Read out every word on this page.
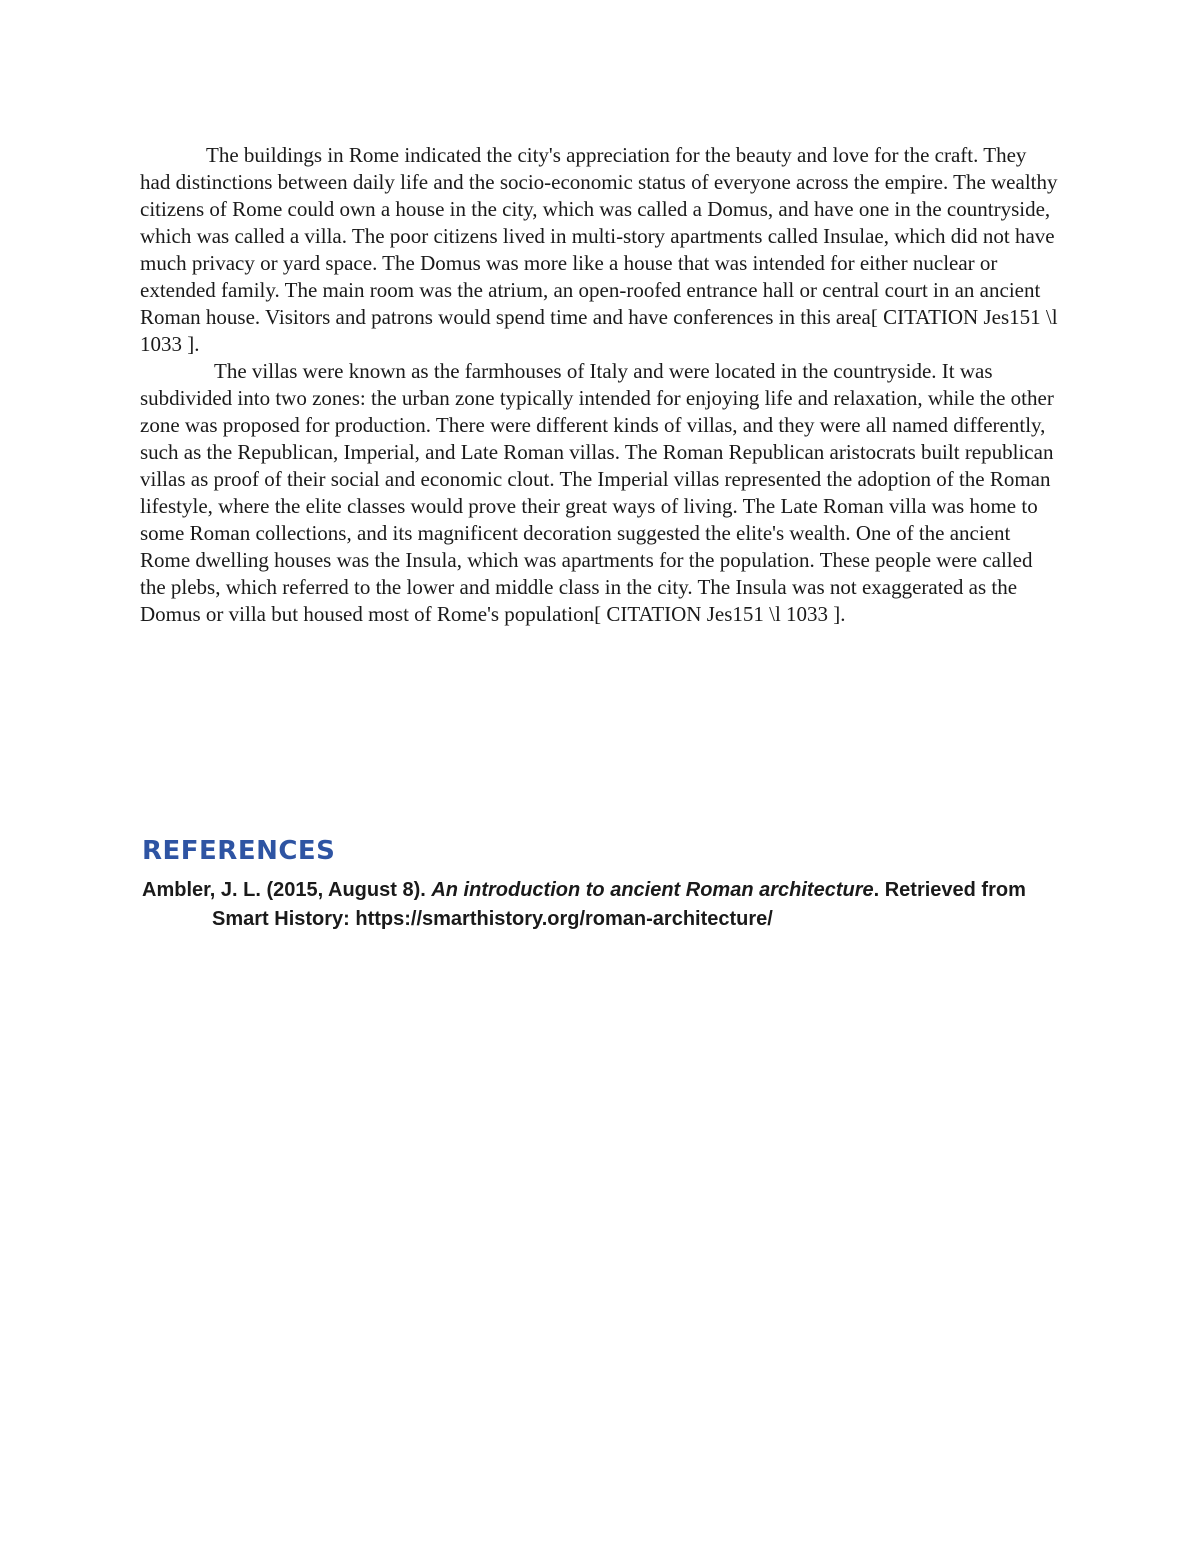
The buildings in Rome indicated the city's appreciation for the beauty and love for the craft. They had distinctions between daily life and the socio-economic status of everyone across the empire. The wealthy citizens of Rome could own a house in the city, which was called a Domus, and have one in the countryside, which was called a villa. The poor citizens lived in multi-story apartments called Insulae, which did not have much privacy or yard space. The Domus was more like a house that was intended for either nuclear or extended family. The main room was the atrium, an open-roofed entrance hall or central court in an ancient Roman house. Visitors and patrons would spend time and have conferences in this area[ CITATION Jes151 \l 1033 ].

The villas were known as the farmhouses of Italy and were located in the countryside. It was subdivided into two zones: the urban zone typically intended for enjoying life and relaxation, while the other zone was proposed for production. There were different kinds of villas, and they were all named differently, such as the Republican, Imperial, and Late Roman villas. The Roman Republican aristocrats built republican villas as proof of their social and economic clout. The Imperial villas represented the adoption of the Roman lifestyle, where the elite classes would prove their great ways of living. The Late Roman villa was home to some Roman collections, and its magnificent decoration suggested the elite's wealth. One of the ancient Rome dwelling houses was the Insula, which was apartments for the population. These people were called the plebs, which referred to the lower and middle class in the city. The Insula was not exaggerated as the Domus or villa but housed most of Rome's population[ CITATION Jes151 \l 1033 ].

REFERENCES

Ambler, J. L. (2015, August 8). An introduction to ancient Roman architecture. Retrieved from Smart History: https://smarthistory.org/roman-architecture/
